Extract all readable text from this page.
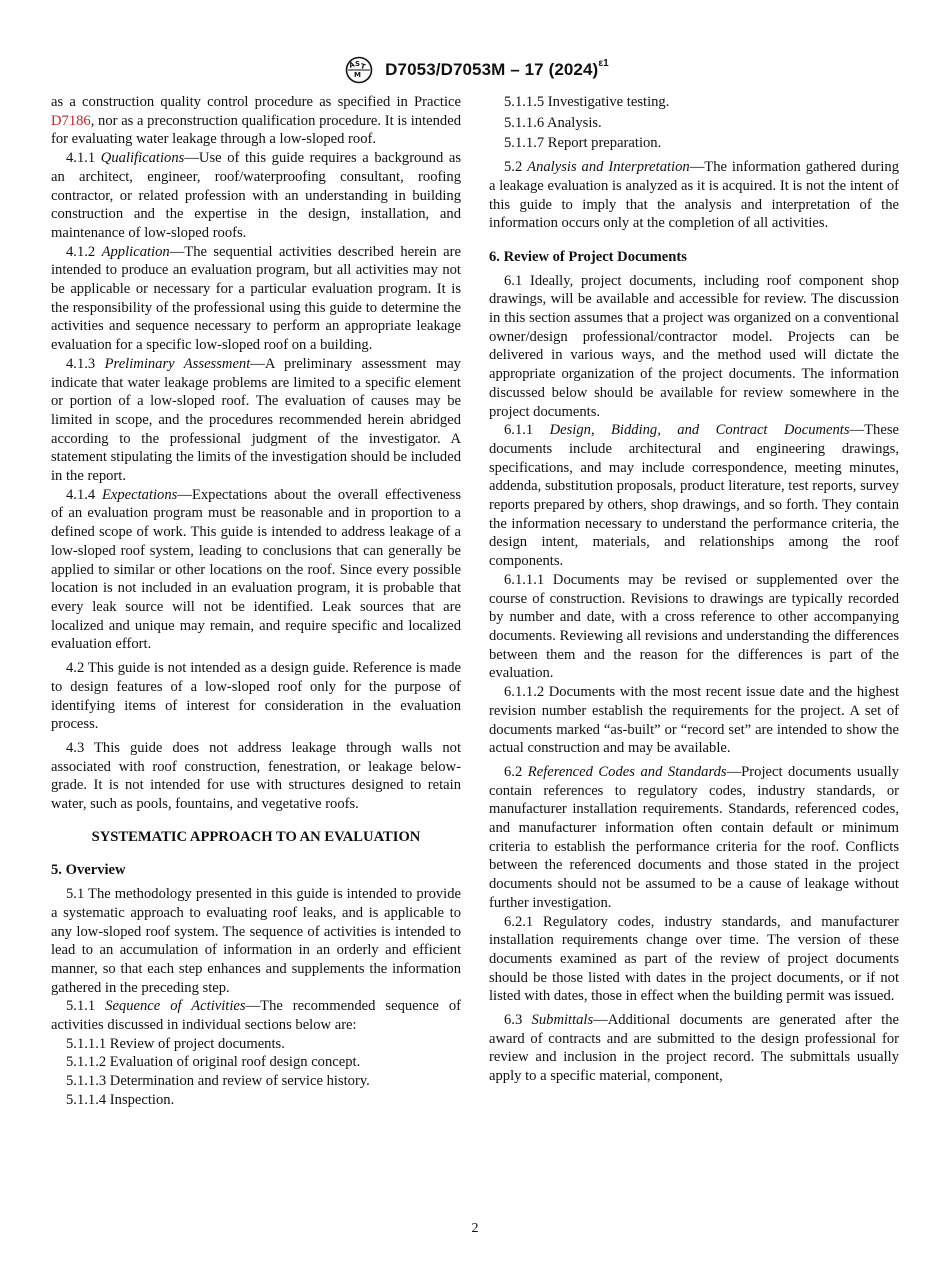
A S T
M D7053/D7053M – 17 $(2024)^{\varepsilon 1}$

as a construction quality control procedure as specified in Practice D7186, nor as a preconstruction qualification procedure. It is intended for evaluating water leakage through a low-sloped roof.

4.1.1 Qualifications—Use of this guide requires a background as an architect, engineer, roof/waterproofing consultant, roofing contractor, or related profession with an understanding in building construction and the expertise in the design, installation, and maintenance of low-sloped roofs.

4.1.2 Application—The sequential activities described herein are intended to produce an evaluation program, but all activities may not be applicable or necessary for a particular evaluation program. It is the responsibility of the professional using this guide to determine the activities and sequence necessary to perform an appropriate leakage evaluation for a specific low-sloped roof on a building.

4.1.3 Preliminary Assessment—A preliminary assessment may indicate that water leakage problems are limited to a specific element or portion of a low-sloped roof. The evaluation of causes may be limited in scope, and the procedures recommended herein abridged according to the professional judgment of the investigator. A statement stipulating the limits of the investigation should be included in the report.

4.1.4 Expectations—Expectations about the overall effectiveness of an evaluation program must be reasonable and in proportion to a defined scope of work. This guide is intended to address leakage of a low-sloped roof system, leading to conclusions that can generally be applied to similar or other locations on the roof. Since every possible location is not included in an evaluation program, it is probable that every leak source will not be identified. Leak sources that are localized and unique may remain, and require specific and localized evaluation effort.

4.2 This guide is not intended as a design guide. Reference is made to design features of a low-sloped roof only for the purpose of identifying items of interest for consideration in the evaluation process.

4.3 This guide does not address leakage through walls not associated with roof construction, fenestration, or leakage below-grade. It is not intended for use with structures designed to retain water, such as pools, fountains, and vegetative roofs.

SYSTEMATIC APPROACH TO AN EVALUATION
5. Overview

5.1 The methodology presented in this guide is intended to provide a systematic approach to evaluating roof leaks, and is applicable to any low-sloped roof system. The sequence of activities is intended to lead to an accumulation of information in an orderly and efficient manner, so that each step enhances and supplements the information gathered in the preceding step.

5.1.1 Sequence of Activities—The recommended sequence of activities discussed in individual sections below are:

5.1.1.1 Review of project documents.

5.1.1.2 Evaluation of original roof design concept.

5.1.1.3 Determination and review of service history.

5.1.1.4 Inspection.

5.1.1.5 Investigative testing.

5.1.1.6 Analysis.

5.1.1.7 Report preparation.

5.2 Analysis and Interpretation—The information gathered during a leakage evaluation is analyzed as it is acquired. It is not the intent of this guide to imply that the analysis and interpretation of the information occurs only at the completion of all activities.

6. Review of Project Documents

6.1 Ideally, project documents, including roof component shop drawings, will be available and accessible for review. The discussion in this section assumes that a project was organized on a conventional owner/design professional/contractor model. Projects can be delivered in various ways, and the method used will dictate the appropriate organization of the project documents. The information discussed below should be available for review somewhere in the project documents.

6.1.1 Design, Bidding, and Contract Documents—These documents include architectural and engineering drawings, specifications, and may include correspondence, meeting minutes, addenda, substitution proposals, product literature, test reports, survey reports prepared by others, shop drawings, and so forth. They contain the information necessary to understand the performance criteria, the design intent, materials, and relationships among the roof components.

6.1.1.1 Documents may be revised or supplemented over the course of construction. Revisions to drawings are typically recorded by number and date, with a cross reference to other accompanying documents. Reviewing all revisions and understanding the differences between them and the reason for the differences is part of the evaluation.

6.1.1.2 Documents with the most recent issue date and the highest revision number establish the requirements for the project. A set of documents marked “as-built” or “record set” are intended to show the actual construction and may be available.

6.2 Referenced Codes and Standards—Project documents usually contain references to regulatory codes, industry standards, or manufacturer installation requirements. Standards, referenced codes, and manufacturer information often contain default or minimum criteria to establish the performance criteria for the roof. Conflicts between the referenced documents and those stated in the project documents should not be assumed to be a cause of leakage without further investigation.

6.2.1 Regulatory codes, industry standards, and manufacturer installation requirements change over time. The version of these documents examined as part of the review of project documents should be those listed with dates in the project documents, or if not listed with dates, those in effect when the building permit was issued.

6.3 Submittals—Additional documents are generated after the award of contracts and are submitted to the design professional for review and inclusion in the project record. The submittals usually apply to a specific material, component,

2
